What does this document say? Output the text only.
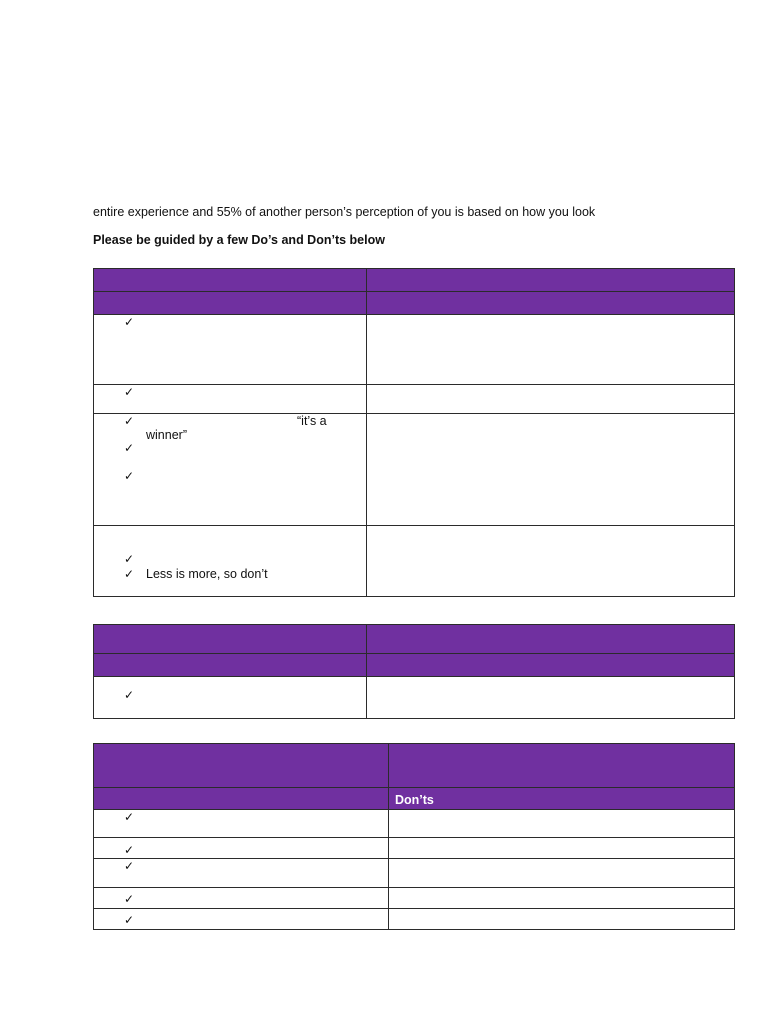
entire experience and 55% of another person’s perception of you is based on how you look
Please be guided by a few Do’s and Don’ts below

✓	

✓	

✓ “it’s a
winner”
✓
✓	

✓
✓ Less is more, so don’t	

✓	

	Don’ts

✓	

✓	

✓	

✓	

✓	
